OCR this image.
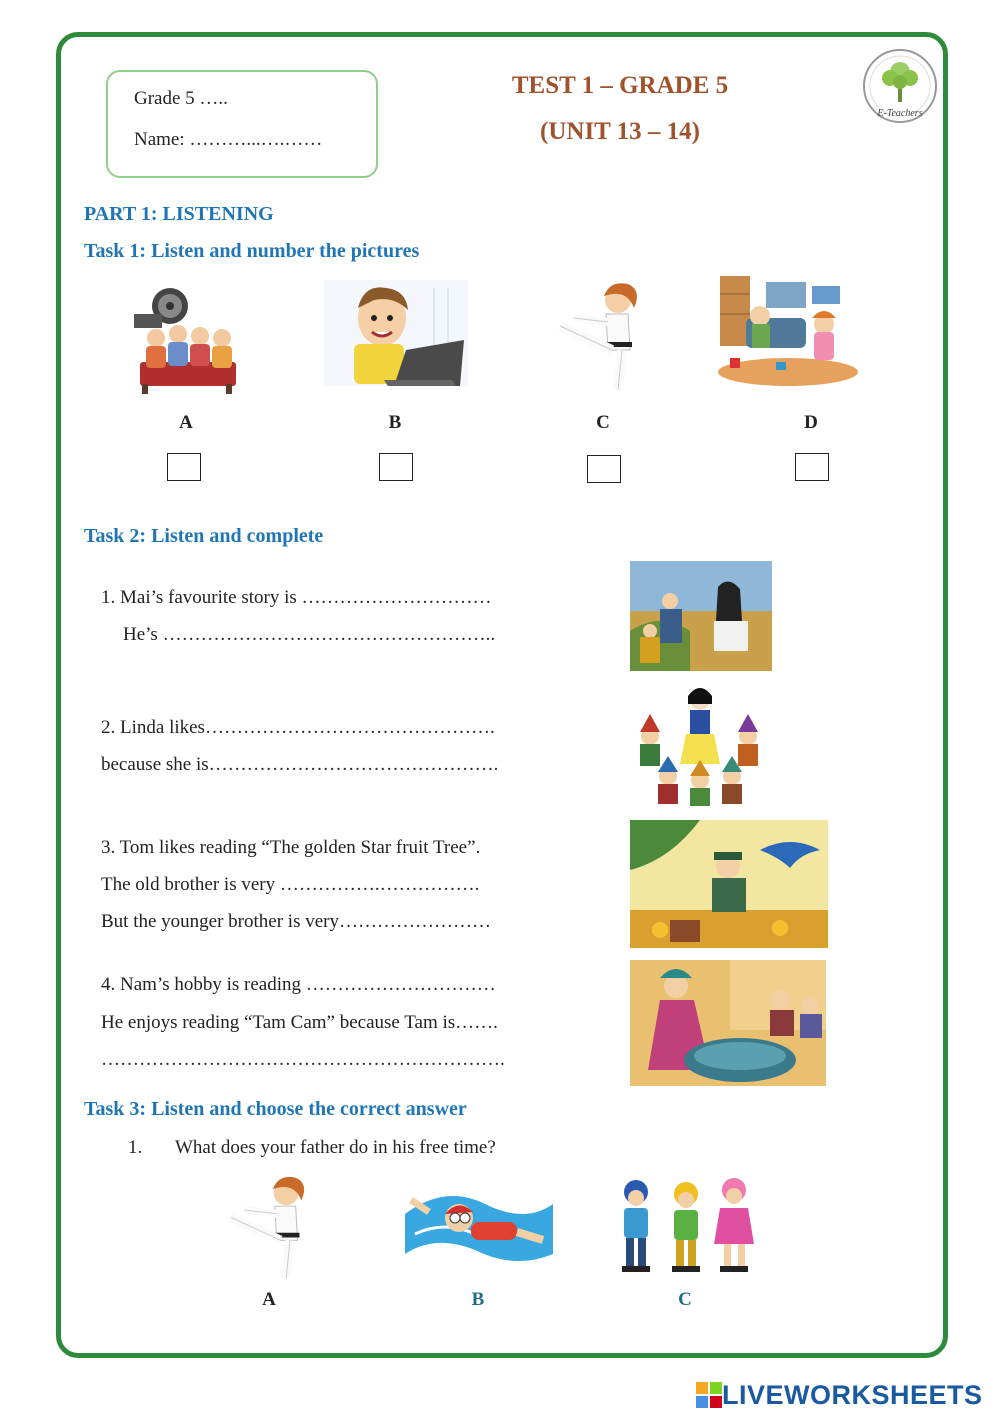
Grade 5 …..
Name: ………...….……
TEST 1 – GRADE 5
(UNIT 13 – 14)
E-Teachers
PART 1: LISTENING
Task 1: Listen and number the pictures
A	B	C	D
Task 2: Listen and complete
1. Mai’s favourite story is …………………………
He’s ……………………………………………..
2. Linda likes……………………………………….
because she is……………………………………….
3. Tom likes reading “The golden Star fruit Tree”.
The old brother is very …………….…………….
But the younger brother is very……………………
4. Nam’s hobby is reading …………………………
He enjoys reading “Tam Cam” because Tam is…….
……………………………………………………….
Task 3: Listen and choose the correct answer
1. What does your father do in his free time?
A	B	C
LIVEWORKSHEETS
